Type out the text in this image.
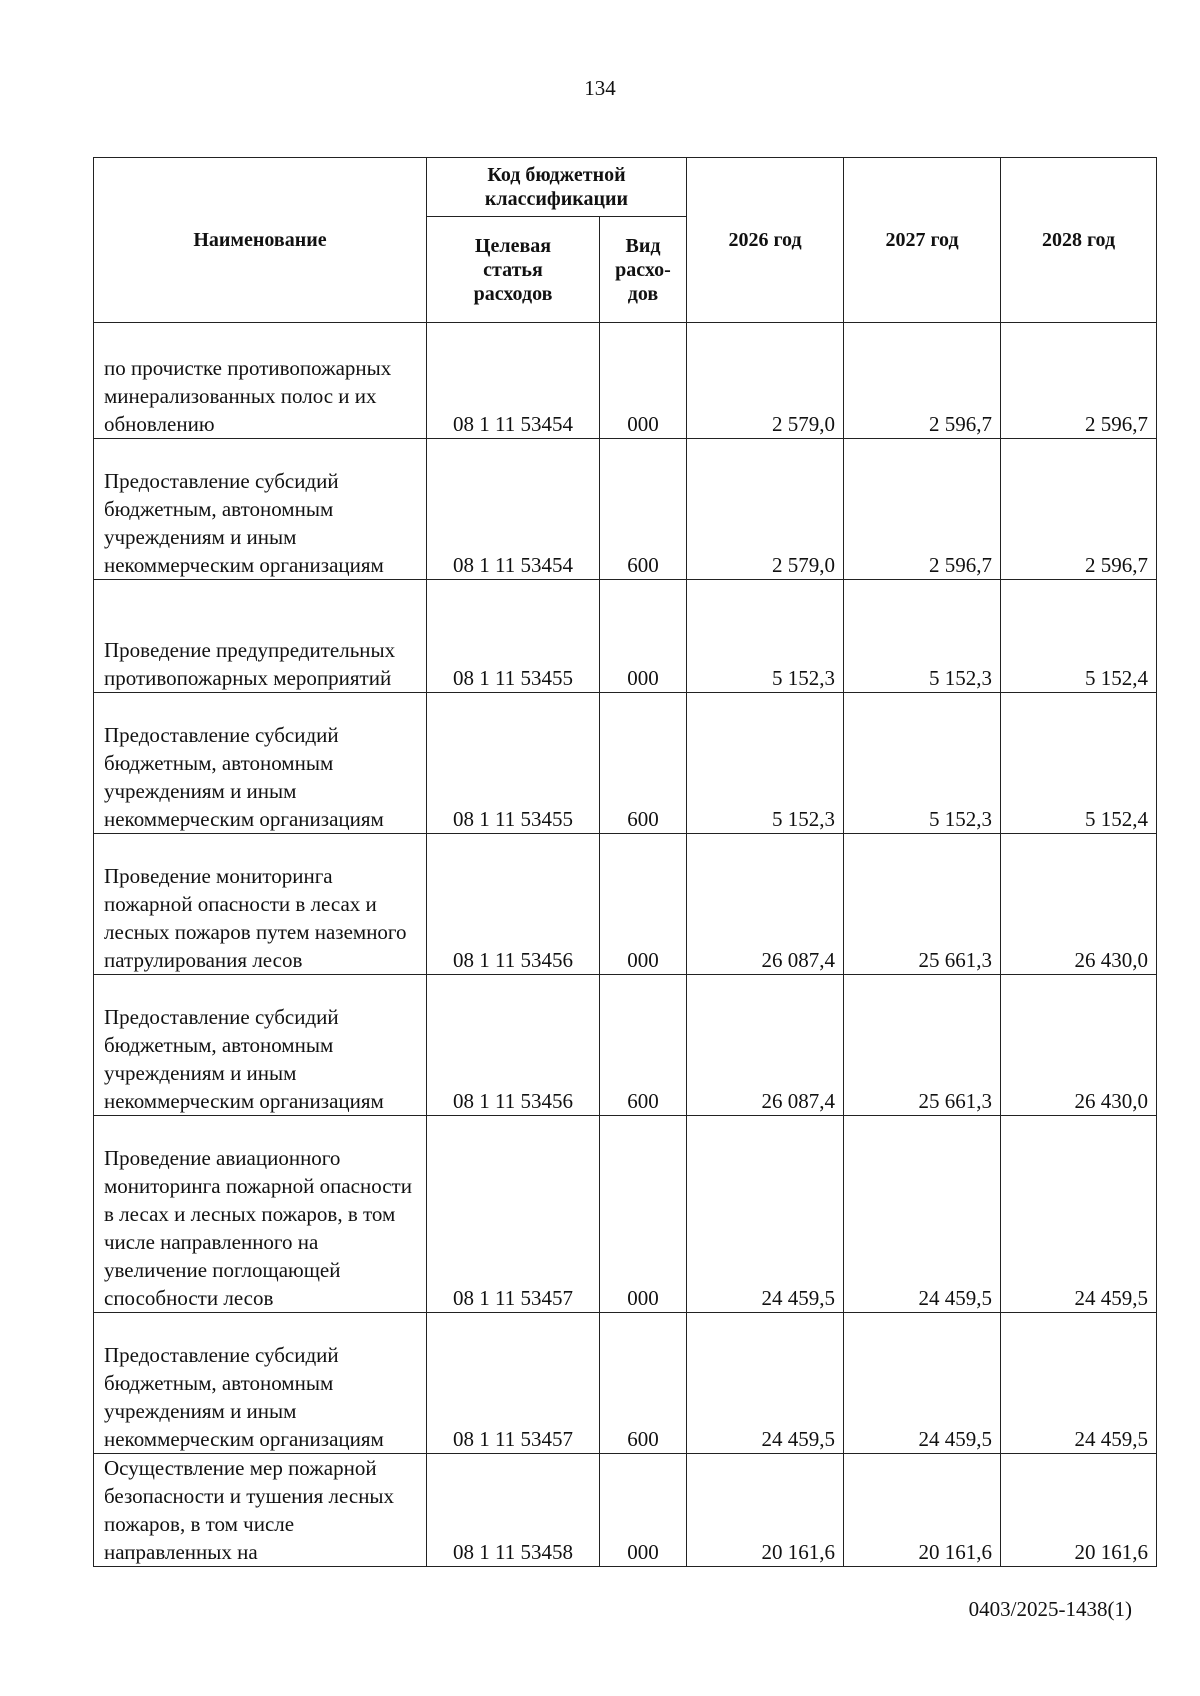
134
Наименование	Код бюджетной классификации		2026 год	2027 год	2028 год
	Целевая статья расходов	Вид расхо-дов			
по прочистке противопожарных минерализованных полос и их обновлению	08 1 11 53454	000	2 579,0	2 596,7	2 596,7
Предоставление субсидий бюджетным, автономным учреждениям и иным некоммерческим организациям	08 1 11 53454	600	2 579,0	2 596,7	2 596,7
Проведение предупредительных противопожарных мероприятий	08 1 11 53455	000	5 152,3	5 152,3	5 152,4
Предоставление субсидий бюджетным, автономным учреждениям и иным некоммерческим организациям	08 1 11 53455	600	5 152,3	5 152,3	5 152,4
Проведение мониторинга пожарной опасности в лесах и лесных пожаров путем наземного патрулирования лесов	08 1 11 53456	000	26 087,4	25 661,3	26 430,0
Предоставление субсидий бюджетным, автономным учреждениям и иным некоммерческим организациям	08 1 11 53456	600	26 087,4	25 661,3	26 430,0
Проведение авиационного мониторинга пожарной опасности в лесах и лесных пожаров, в том числе направленного на увеличение поглощающей способности лесов	08 1 11 53457	000	24 459,5	24 459,5	24 459,5
Предоставление субсидий бюджетным, автономным учреждениям и иным некоммерческим организациям	08 1 11 53457	600	24 459,5	24 459,5	24 459,5
Осуществление мер пожарной безопасности и тушения лесных пожаров, в том числе направленных на	08 1 11 53458	000	20 161,6	20 161,6	20 161,6
0403/2025-1438(1)
